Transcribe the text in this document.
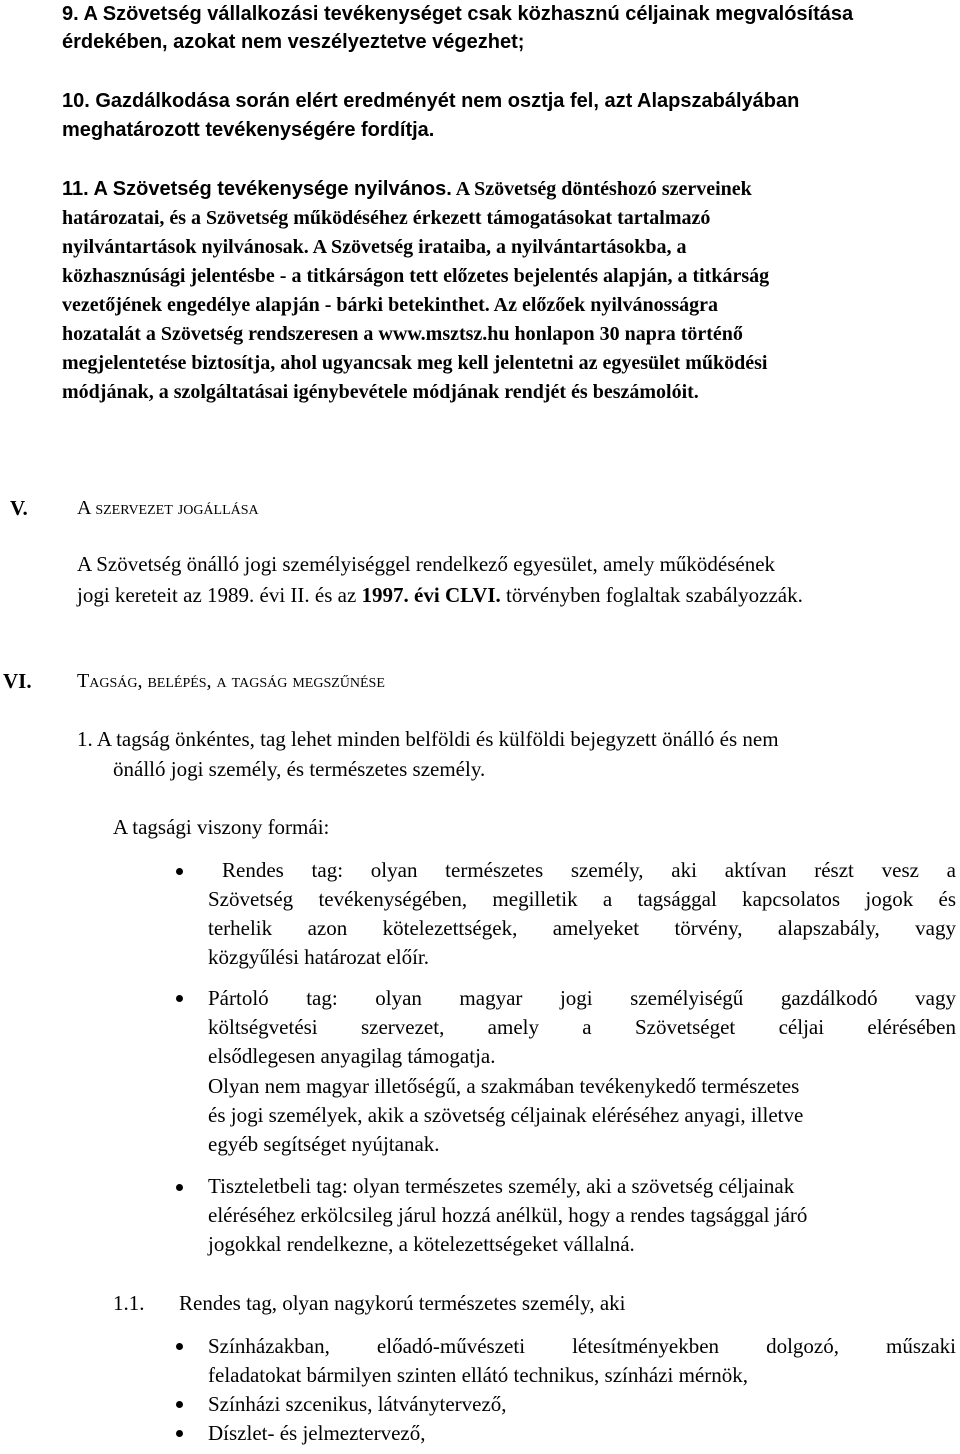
9. A Szövetség vállalkozási tevékenységet csak közhasznú céljainak megvalósítása
érdekében, azokat nem veszélyeztetve végezhet;
10. Gazdálkodása során elért eredményét nem osztja fel, azt Alapszabályában
meghatározott tevékenységére fordítja.
11. A Szövetség tevékenysége nyilvános. A Szövetség döntéshozó szerveinek
határozatai, és a Szövetség működéséhez érkezett támogatásokat tartalmazó
nyilvántartások nyilvánosak. A Szövetség irataiba, a nyilvántartásokba, a
közhasznúsági jelentésbe - a titkárságon tett előzetes bejelentés alapján, a titkárság
vezetőjének engedélye alapján - bárki betekinthet. Az előzőek nyilvánosságra
hozatalát a Szövetség rendszeresen a www.msztsz.hu honlapon 30 napra történő
megjelentetése biztosítja, ahol ugyancsak meg kell jelentetni az egyesület működési
módjának, a szolgáltatásai igénybevétele módjának rendjét és beszámolóit.
V. A szervezet jogállása
A Szövetség önálló jogi személyiséggel rendelkező egyesület, amely működésének
jogi kereteit az 1989. évi II. és az 1997. évi CLVI. törvényben foglaltak szabályozzák.
VI. Tagság, belépés, a tagság megszűnése
1. A tagság önkéntes, tag lehet minden belföldi és külföldi bejegyzett önálló és nem
önálló jogi személy, és természetes személy.
A tagsági viszony formái:
Rendes tag: olyan természetes személy, aki aktívan részt vesz a
Szövetség tevékenységében, megilletik a tagsággal kapcsolatos jogok és
terhelik azon kötelezettségek, amelyeket törvény, alapszabály, vagy
közgyűlési határozat előír.
Pártoló tag: olyan magyar jogi személyiségű gazdálkodó vagy
költségvetési szervezet, amely a Szövetséget céljai elérésében
elsődlegesen anyagilag támogatja.
Olyan nem magyar illetőségű, a szakmában tevékenykedő természetes
és jogi személyek, akik a szövetség céljainak eléréséhez anyagi, illetve
egyéb segítséget nyújtanak.
Tiszteletbeli tag: olyan természetes személy, aki a szövetség céljainak
eléréséhez erkölcsileg járul hozzá anélkül, hogy a rendes tagsággal járó
jogokkal rendelkezne, a kötelezettségeket vállalná.
1.1. Rendes tag, olyan nagykorú természetes személy, aki
Színházakban, előadó-művészeti létesítményekben dolgozó, műszaki
feladatokat bármilyen szinten ellátó technikus, színházi mérnök,
Színházi szcenikus, látványtervező,
Díszlet- és jelmeztervező,
